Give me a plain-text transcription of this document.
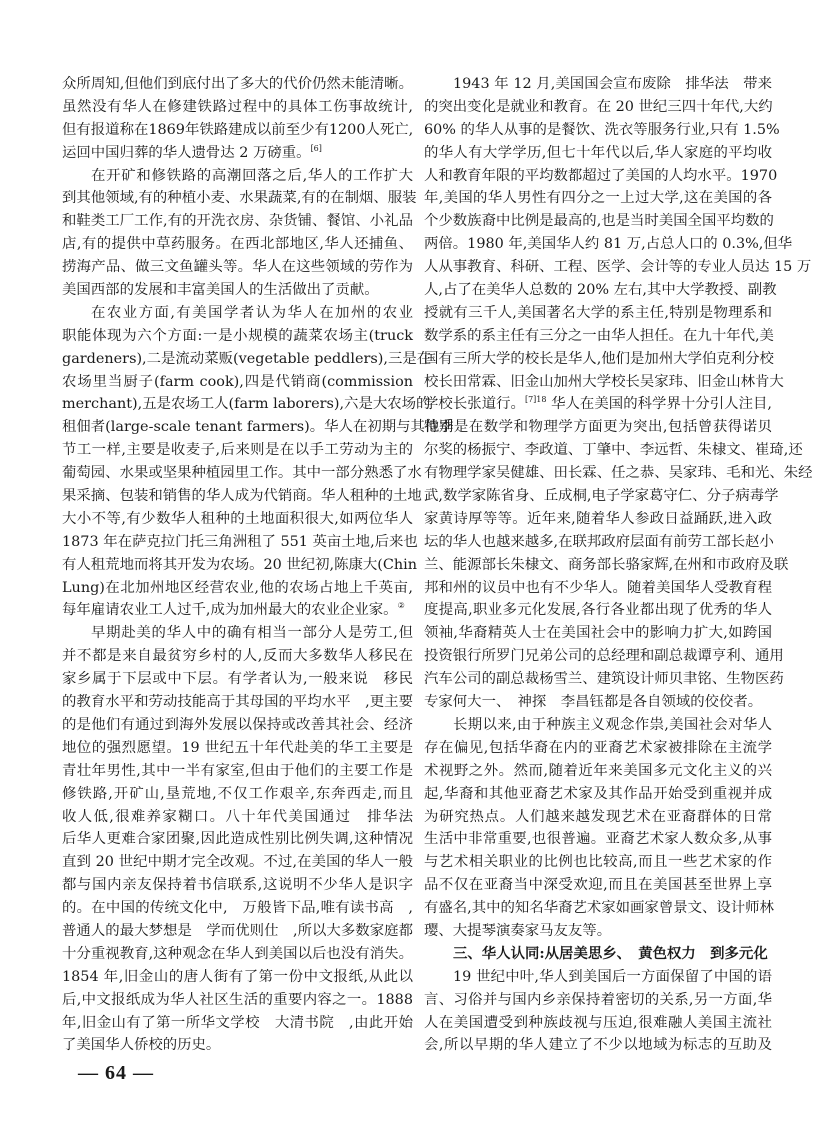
众所周知,但他们到底付出了多大的代价仍然未能清晰。
虽然没有华人在修建铁路过程中的具体工伤事故统计,
但有报道称在1869年铁路建成以前至少有1200人死亡,
运回中国归葬的华人遗骨达 2 万磅重。[6]
在开矿和修铁路的高潮回落之后,华人的工作扩大
到其他领域,有的种植小麦、水果蔬菜,有的在制烟、服装
和鞋类工厂工作,有的开洗衣房、杂货铺、餐馆、小礼品
店,有的提供中草药服务。在西北部地区,华人还捕鱼、
捞海产品、做三文鱼罐头等。华人在这些领域的劳作为
美国西部的发展和丰富美国人的生活做出了贡献。
在农业方面,有美国学者认为华人在加州的农业
职能体现为六个方面:一是小规模的蔬菜农场主(truck
gardeners),二是流动菜贩(vegetable peddlers),三是在
农场里当厨子(farm cook),四是代销商(commission
merchant),五是农场工人(farm laborers),六是大农场的
租佃者(large-scale tenant farmers)。华人在初期与其他季
节工一样,主要是收麦子,后来则是在以手工劳动为主的
葡萄园、水果或坚果种植园里工作。其中一部分熟悉了水
果采摘、包装和销售的华人成为代销商。华人租种的土地
大小不等,有少数华人租种的土地面积很大,如两位华人
1873 年在萨克拉门托三角洲租了 551 英亩土地,后来也
有人租荒地而将其开发为农场。20 世纪初,陈康大(Chin
Lung)在北加州地区经营农业,他的农场占地上千英亩,
每年雇请农业工人过千,成为加州最大的农业企业家。②
早期赴美的华人中的确有相当一部分人是劳工,但
并不都是来自最贫穷乡村的人,反而大多数华人移民在
家乡属于下层或中下层。有学者认为,一般来说　移民
的教育水平和劳动技能高于其母国的平均水平　,更主要
的是他们有通过到海外发展以保持或改善其社会、经济
地位的强烈愿望。19 世纪五十年代赴美的华工主要是
青壮年男性,其中一半有家室,但由于他们的主要工作是
修铁路,开矿山,垦荒地,不仅工作艰辛,东奔西走,而且
收人低,很难养家糊口。八十年代美国通过　排华法
后华人更难合家团聚,因此造成性别比例失调,这种情况
直到 20 世纪中期才完全改观。不过,在美国的华人一般
都与国内亲友保持着书信联系,这说明不少华人是识字
的。在中国的传统文化中,　万般皆下品,唯有读书高　,
普通人的最大梦想是　学而优则仕　,所以大多数家庭都
十分重视教育,这种观念在华人到美国以后也没有消失。
1854 年,旧金山的唐人街有了第一份中文报纸,从此以
后,中文报纸成为华人社区生活的重要内容之一。1888
年,旧金山有了第一所华文学校　大清书院　,由此开始
了美国华人侨校的历史。
1943 年 12 月,美国国会宣布废除　排华法　带来
的突出变化是就业和教育。在 20 世纪三四十年代,大约
60% 的华人从事的是餐饮、洗衣等服务行业,只有 1.5%
的华人有大学学历,但七十年代以后,华人家庭的平均收
人和教育年限的平均数都超过了美国的人均水平。1970
年,美国的华人男性有四分之一上过大学,这在美国的各
个少数族裔中比例是最高的,也是当时美国全国平均数的
两倍。1980 年,美国华人约 81 万,占总人口的 0.3%,但华
人从事教育、科研、工程、医学、会计等的专业人员达 15 万
人,占了在美华人总数的 20% 左右,其中大学教授、副教
授就有三千人,美国著名大学的系主任,特别是物理系和
数学系的系主任有三分之一由华人担任。在九十年代,美
国有三所大学的校长是华人,他们是加州大学伯克利分校
校长田常霖、旧金山加州大学校长吴家玮、旧金山林肯大
学校长张道行。$^{[7]18}$ 华人在美国的科学界十分引人注目,
特别是在数学和物理学方面更为突出,包括曾获得诺贝
尔奖的杨振宁、李政道、丁肇中、李远哲、朱棣文、崔琦,还
有物理学家吴健雄、田长霖、任之恭、吴家玮、毛和光、朱经
武,数学家陈省身、丘成桐,电子学家葛守仁、分子病毒学
家黄诗厚等等。近年来,随着华人参政日益踊跃,进入政
坛的华人也越来越多,在联邦政府层面有前劳工部长赵小
兰、能源部长朱棣文、商务部长骆家辉,在州和市政府及联
邦和州的议员中也有不少华人。随着美国华人受教育程
度提高,职业多元化发展,各行各业都出现了优秀的华人
领袖,华裔精英人士在美国社会中的影响力扩大,如跨国
投资银行所罗门兄弟公司的总经理和副总裁谭亨利、通用
汽车公司的副总裁杨雪兰、建筑设计师贝聿铭、生物医药
专家何大一、　神探　李昌钰都是各自领域的佼佼者。
长期以来,由于种族主义观念作祟,美国社会对华人
存在偏见,包括华裔在内的亚裔艺术家被排除在主流学
术视野之外。然而,随着近年来美国多元文化主义的兴
起,华裔和其他亚裔艺术家及其作品开始受到重视并成
为研究热点。人们越来越发现艺术在亚裔群体的日常
生活中非常重要,也很普遍。亚裔艺术家人数众多,从事
与艺术相关职业的比例也比较高,而且一些艺术家的作
品不仅在亚裔当中深受欢迎,而且在美国甚至世界上享
有盛名,其中的知名华裔艺术家如画家曾景文、设计师林
璎、大提琴演奏家马友友等。
三、华人认同:从居美思乡、　黄色权力　到多元化
19 世纪中叶,华人到美国后一方面保留了中国的语
言、习俗并与国内乡亲保持着密切的关系,另一方面,华
人在美国遭受到种族歧视与压迫,很难融人美国主流社
会,所以早期的华人建立了不少以地域为标志的互助及
— 64 —
